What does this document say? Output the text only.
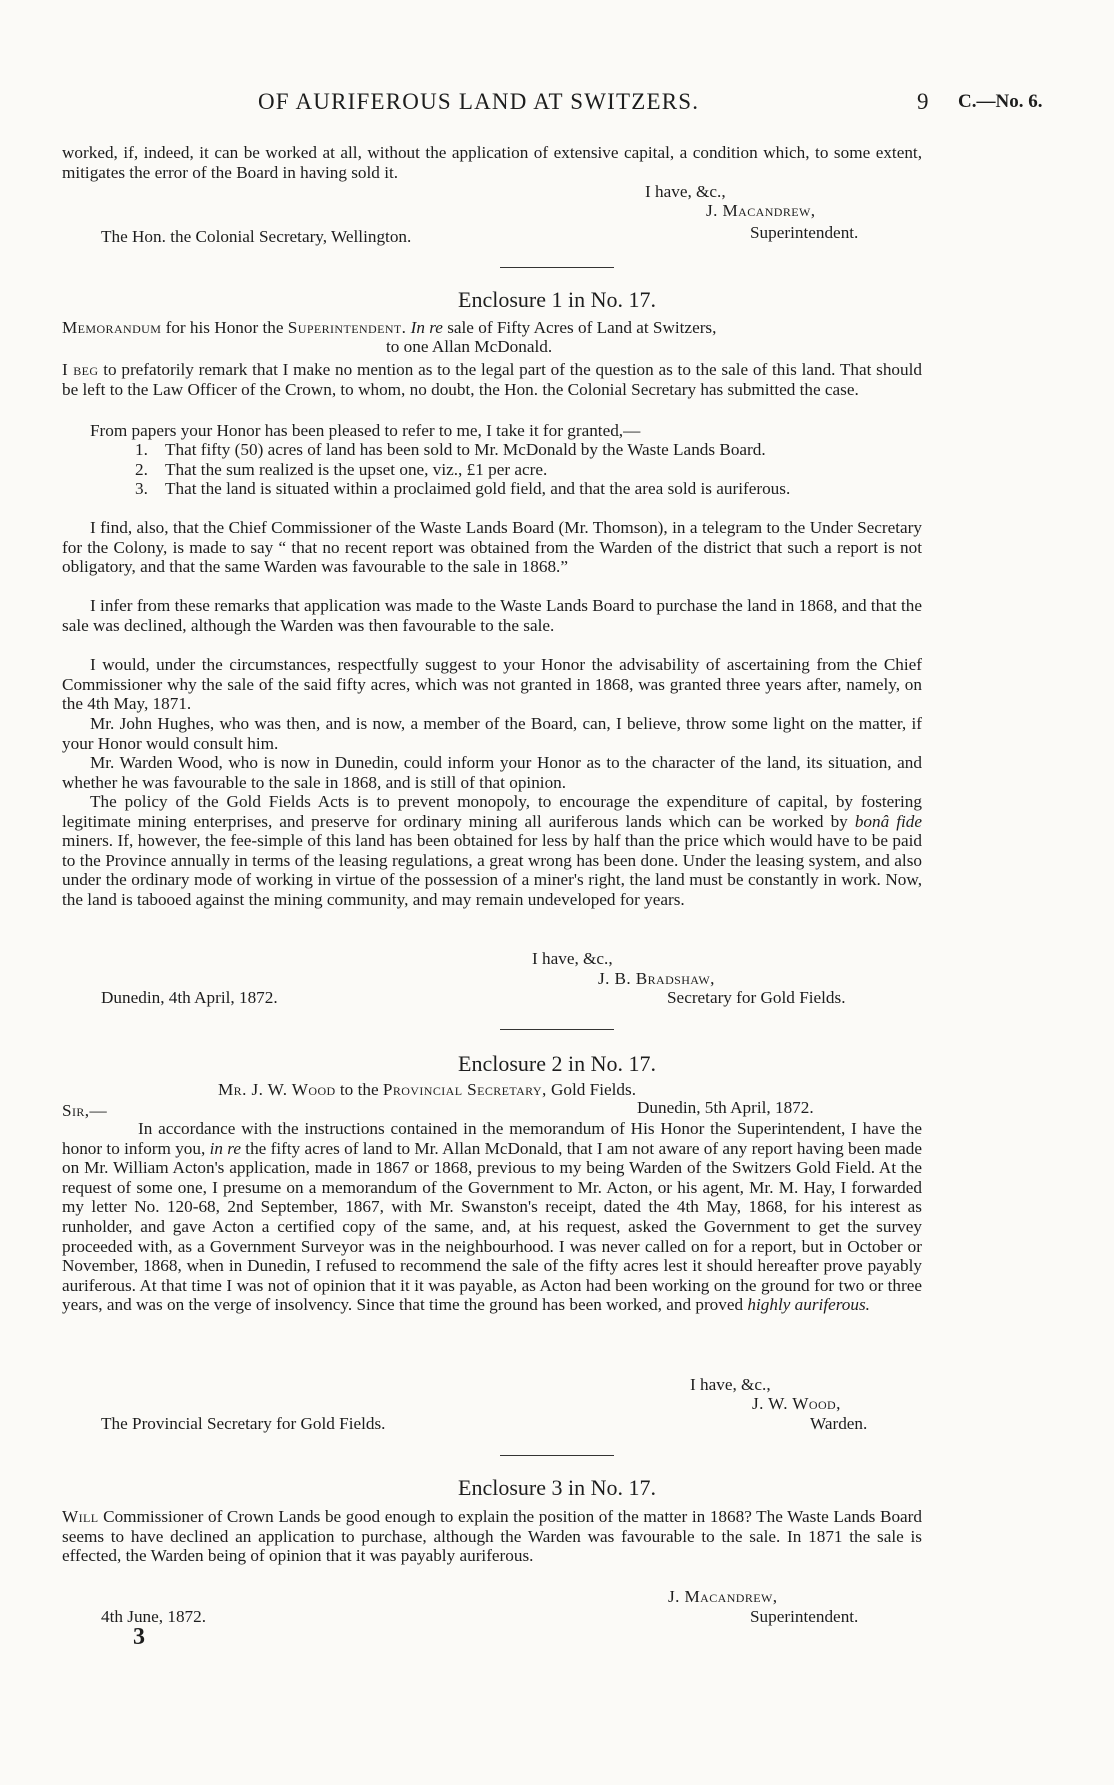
OF AURIFEROUS LAND AT SWITZERS.	9 C.—No. 6.
worked, if, indeed, it can be worked at all, without the application of extensive capital, a condition which, to some extent, mitigates the error of the Board in having sold it.
I have, &c.,
J. Macandrew,
Superintendent.
The Hon. the Colonial Secretary, Wellington.
Enclosure 1 in No. 17.
Memorandum for his Honor the Superintendent. In re sale of Fifty Acres of Land at Switzers,
to one Allan McDonald.
I beg to prefatorily remark that I make no mention as to the legal part of the question as to the sale of this land. That should be left to the Law Officer of the Crown, to whom, no doubt, the Hon. the Colonial Secretary has submitted the case.
From papers your Honor has been pleased to refer to me, I take it for granted,—
1. That fifty (50) acres of land has been sold to Mr. McDonald by the Waste Lands Board.
2. That the sum realized is the upset one, viz., £1 per acre.
3. That the land is situated within a proclaimed gold field, and that the area sold is auriferous.
I find, also, that the Chief Commissioner of the Waste Lands Board (Mr. Thomson), in a telegram to the Under Secretary for the Colony, is made to say “ that no recent report was obtained from the Warden of the district that such a report is not obligatory, and that the same Warden was favourable to the sale in 1868.”
I infer from these remarks that application was made to the Waste Lands Board to purchase the land in 1868, and that the sale was declined, although the Warden was then favourable to the sale.
I would, under the circumstances, respectfully suggest to your Honor the advisability of ascertaining from the Chief Commissioner why the sale of the said fifty acres, which was not granted in 1868, was granted three years after, namely, on the 4th May, 1871.
Mr. John Hughes, who was then, and is now, a member of the Board, can, I believe, throw some light on the matter, if your Honor would consult him.
Mr. Warden Wood, who is now in Dunedin, could inform your Honor as to the character of the land, its situation, and whether he was favourable to the sale in 1868, and is still of that opinion.
The policy of the Gold Fields Acts is to prevent monopoly, to encourage the expenditure of capital, by fostering legitimate mining enterprises, and preserve for ordinary mining all auriferous lands which can be worked by bonâ fide miners. If, however, the fee-simple of this land has been obtained for less by half than the price which would have to be paid to the Province annually in terms of the leasing regulations, a great wrong has been done. Under the leasing system, and also under the ordinary mode of working in virtue of the possession of a miner's right, the land must be constantly in work. Now, the land is tabooed against the mining community, and may remain undeveloped for years.
I have, &c.,
J. B. Bradshaw,
Secretary for Gold Fields.
Dunedin, 4th April, 1872.
Enclosure 2 in No. 17.
Mr. J. W. Wood to the Provincial Secretary, Gold Fields.
Sir,—	Dunedin, 5th April, 1872.
In accordance with the instructions contained in the memorandum of His Honor the Superintendent, I have the honor to inform you, in re the fifty acres of land to Mr. Allan McDonald, that I am not aware of any report having been made on Mr. William Acton's application, made in 1867 or 1868, previous to my being Warden of the Switzers Gold Field. At the request of some one, I presume on a memorandum of the Government to Mr. Acton, or his agent, Mr. M. Hay, I forwarded my letter No. 120-68, 2nd September, 1867, with Mr. Swanston's receipt, dated the 4th May, 1868, for his interest as runholder, and gave Acton a certified copy of the same, and, at his request, asked the Government to get the survey proceeded with, as a Government Surveyor was in the neighbourhood. I was never called on for a report, but in October or November, 1868, when in Dunedin, I refused to recommend the sale of the fifty acres lest it should hereafter prove payably auriferous. At that time I was not of opinion that it it was payable, as Acton had been working on the ground for two or three years, and was on the verge of insolvency. Since that time the ground has been worked, and proved highly auriferous.
I have, &c.,
J. W. Wood,
Warden.
The Provincial Secretary for Gold Fields.
Enclosure 3 in No. 17.
Will Commissioner of Crown Lands be good enough to explain the position of the matter in 1868? The Waste Lands Board seems to have declined an application to purchase, although the Warden was favourable to the sale. In 1871 the sale is effected, the Warden being of opinion that it was payably auriferous.
J. Macandrew,
Superintendent.
4th June, 1872.
3
